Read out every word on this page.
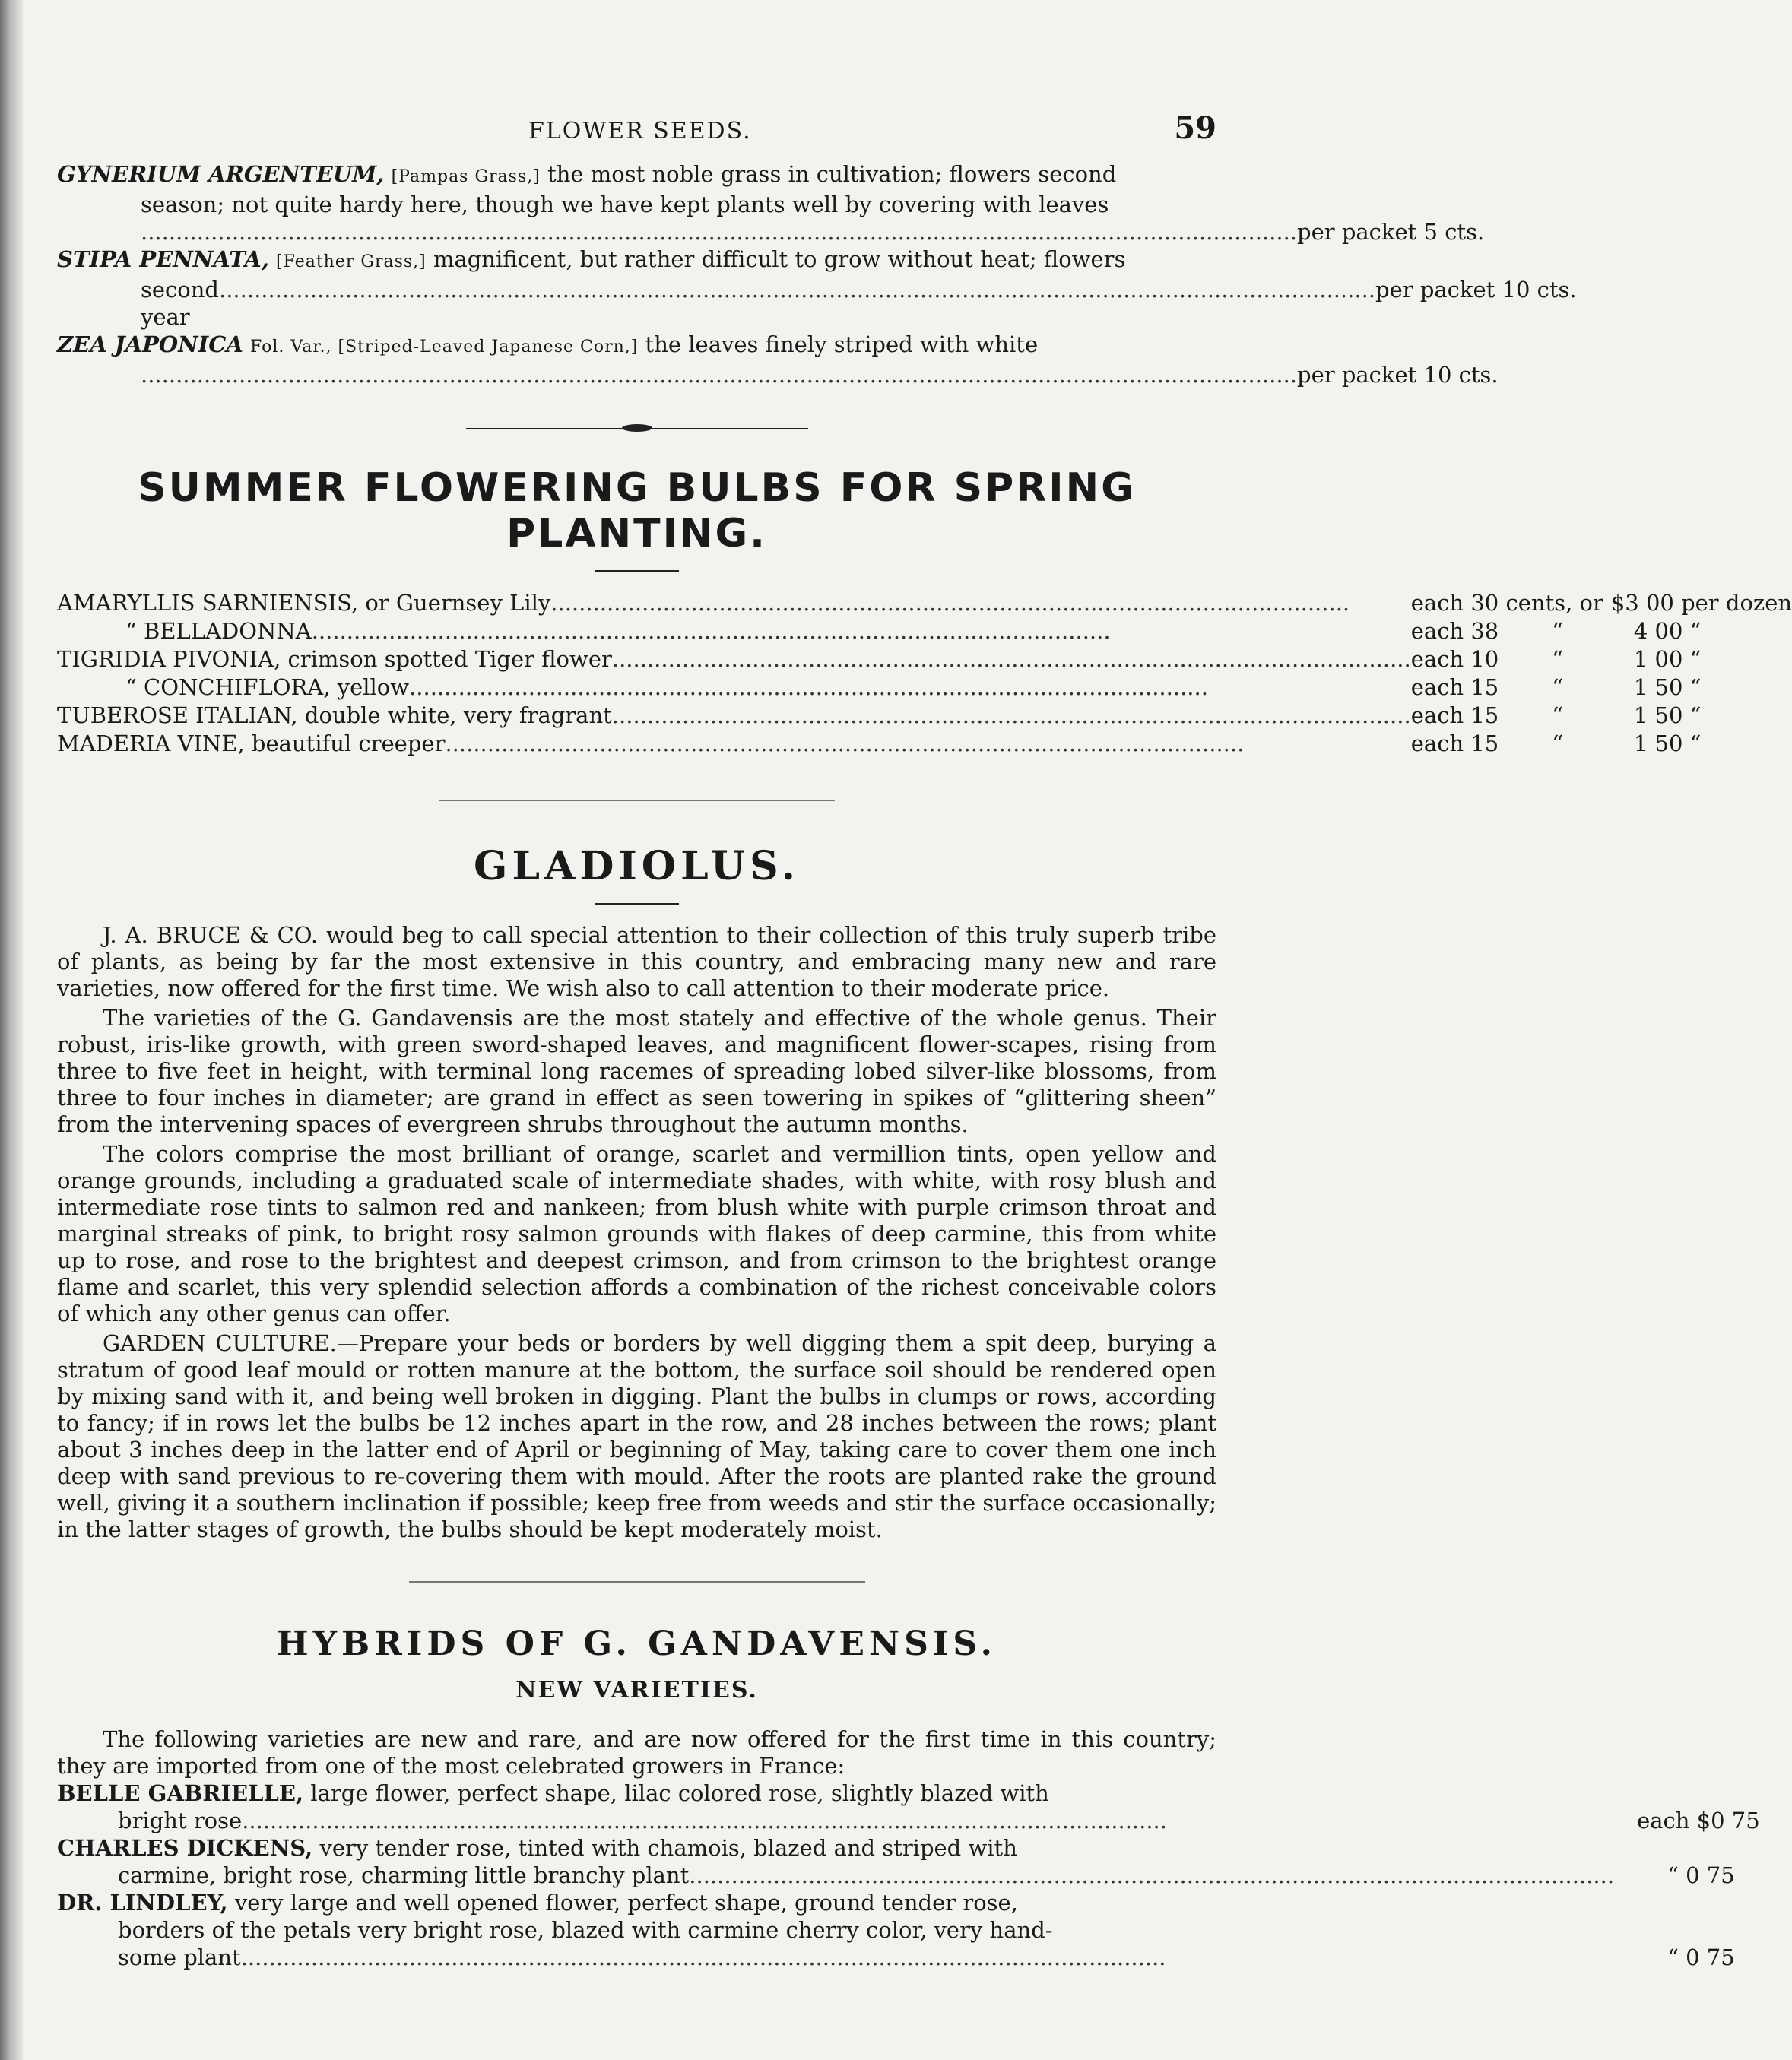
FLOWER SEEDS.	59
GYNERIUM ARGENTEUM, [Pampas Grass,] the most noble grass in cultivation; flowers second
season; not quite hardy here, though we have kept plants well by covering with leaves
..................................................................................................................................................................... per packet 5 cts.
STIPA PENNATA, [Feather Grass,] magnificent, but rather difficult to grow without heat; flowers
second year
..................................................................................................................................................................... per packet 10 cts.
ZEA JAPONICA Fol. Var., [Striped-Leaved Japanese Corn,] the leaves finely striped with white
..................................................................................................................................................................... per packet 10 cts.
SUMMER FLOWERING BULBS FOR SPRING PLANTING.
AMARYLLIS SARNIENSIS, or Guernsey Lily ..................................................................................................................	each 30 cents, or	$3 00 per dozen

“ BELLADONNA ..................................................................................................................	each 38 “	4 00 “

TIGRIDIA PIVONIA, crimson spotted Tiger flower ..................................................................................................................	each 10 “	1 00 “

“ CONCHIFLORA, yellow ..................................................................................................................	each 15 “	1 50 “

TUBEROSE ITALIAN, double white, very fragrant ..................................................................................................................	each 15 “	1 50 “

MADERIA VINE, beautiful creeper ..................................................................................................................	each 15 “	1 50 “
GLADIOLUS.

J. A. BRUCE & CO. would beg to call special attention to their collection of this truly superb tribe of plants, as being by far the most extensive in this country, and embracing many new and rare varieties, now offered for the first time. We wish also to call attention to their moderate price.

The varieties of the G. Gandavensis are the most stately and effective of the whole genus. Their robust, iris-like growth, with green sword-shaped leaves, and magnificent flower-scapes, rising from three to five feet in height, with terminal long racemes of spreading lobed silver-like blossoms, from three to four inches in diameter; are grand in effect as seen towering in spikes of “glittering sheen” from the intervening spaces of evergreen shrubs throughout the autumn months.

The colors comprise the most brilliant of orange, scarlet and vermillion tints, open yellow and orange grounds, including a graduated scale of intermediate shades, with white, with rosy blush and intermediate rose tints to salmon red and nankeen; from blush white with purple crimson throat and marginal streaks of pink, to bright rosy salmon grounds with flakes of deep carmine, this from white up to rose, and rose to the brightest and deepest crimson, and from crimson to the brightest orange flame and scarlet, this very splendid selection affords a combination of the richest conceivable colors of which any other genus can offer.

GARDEN CULTURE.—Prepare your beds or borders by well digging them a spit deep, burying a stratum of good leaf mould or rotten manure at the bottom, the surface soil should be rendered open by mixing sand with it, and being well broken in digging. Plant the bulbs in clumps or rows, according to fancy; if in rows let the bulbs be 12 inches apart in the row, and 28 inches between the rows; plant about 3 inches deep in the latter end of April or beginning of May, taking care to cover them one inch deep with sand previous to re-covering them with mould. After the roots are planted rake the ground well, giving it a southern inclination if possible; keep free from weeds and stir the surface occasionally; in the latter stages of growth, the bulbs should be kept moderately moist.

HYBRIDS OF G. GANDAVENSIS.
NEW VARIETIES.

The following varieties are new and rare, and are now offered for the first time in this country; they are imported from one of the most celebrated growers in France:

BELLE GABRIELLE, large flower, perfect shape, lilac colored rose, slightly blazed with
bright rose ....................................................................................................................................	each $0 75

CHARLES DICKENS, very tender rose, tinted with chamois, blazed and striped with
carmine, bright rose, charming little branchy plant ....................................................................................................................................	“ 0 75

DR. LINDLEY, very large and well opened flower, perfect shape, ground tender rose,
borders of the petals very bright rose, blazed with carmine cherry color, very hand-
some plant ....................................................................................................................................	“ 0 75
